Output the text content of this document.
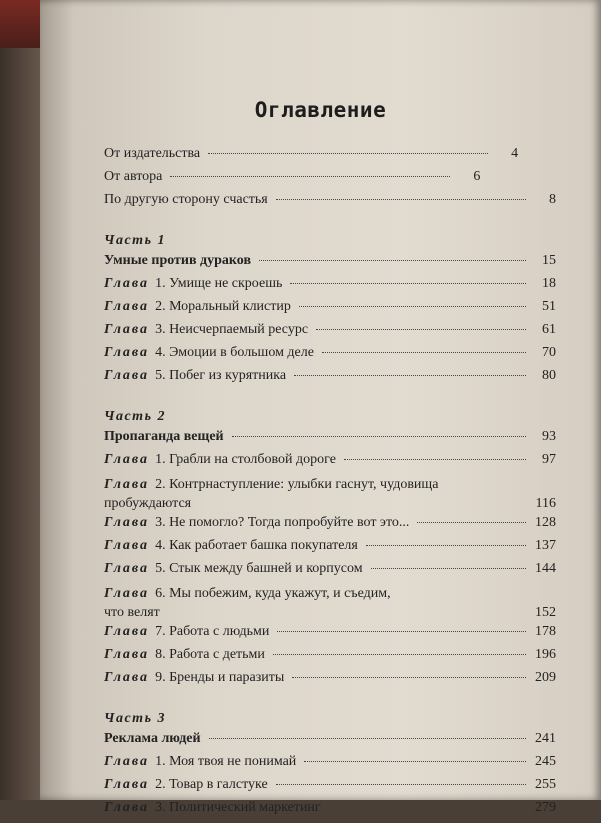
Оглавление
От издательства	4
От автора	6
По другую сторону счастья	8
Часть 1
Умные против дураков	15
Глава 1. Умище не скроешь	18
Глава 2. Моральный клистир	51
Глава 3. Неисчерпаемый ресурс	61
Глава 4. Эмоции в большом деле	70
Глава 5. Побег из курятника	80
Часть 2
Пропаганда вещей	93
Глава 1. Грабли на столбовой дороге	97
Глава 2. Контрнаступление: улыбки гаснут, чудовища
пробуждаются	116
Глава 3. Не помогло? Тогда попробуйте вот это...	128
Глава 4. Как работает башка покупателя	137
Глава 5. Стык между башней и корпусом	144
Глава 6. Мы побежим, куда укажут, и съедим,
что велят	152
Глава 7. Работа с людьми	178
Глава 8. Работа с детьми	196
Глава 9. Бренды и паразиты	209
Часть 3
Реклама людей	241
Глава 1. Моя твоя не понимай	245
Глава 2. Товар в галстуке	255
Глава 3. Политический маркетинг	279
